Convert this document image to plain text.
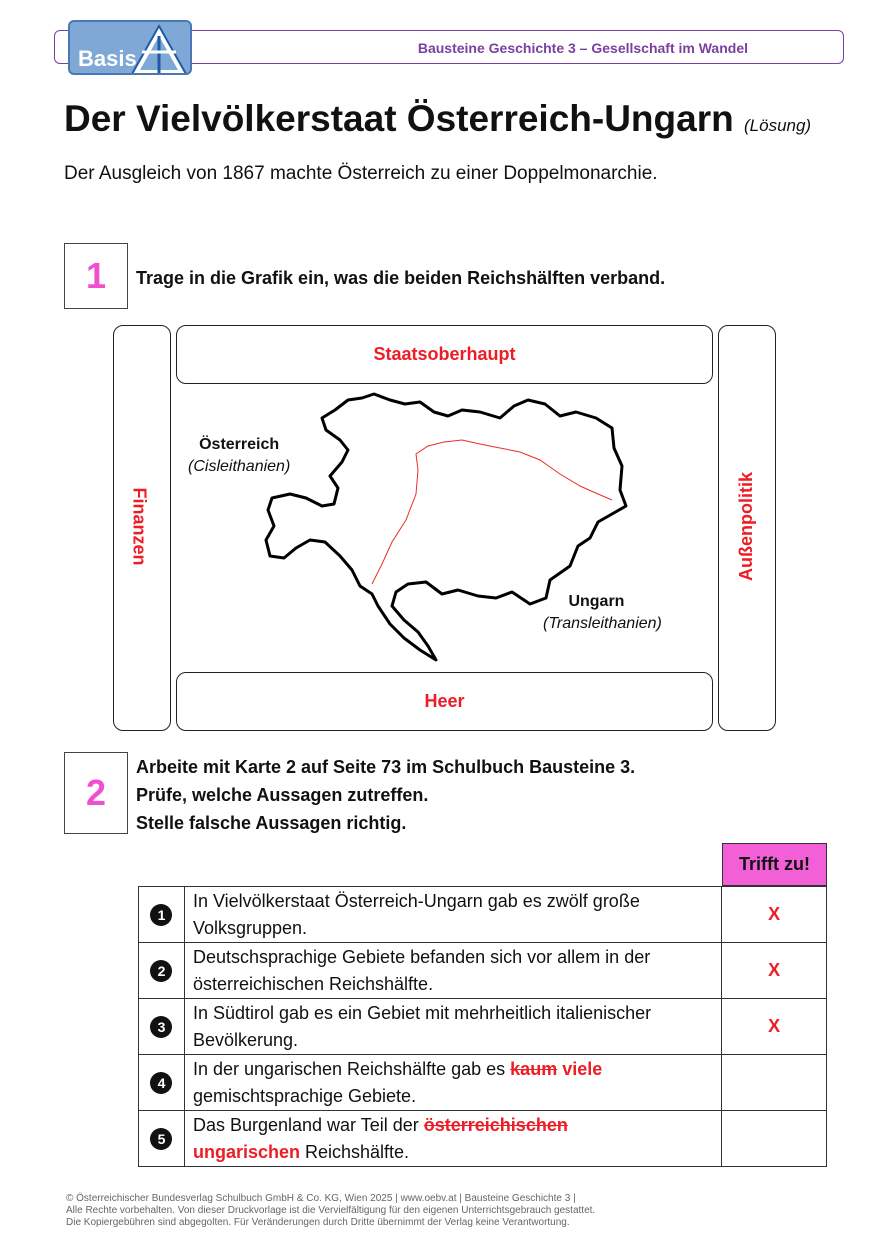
Bausteine Geschichte 3 – Gesellschaft im Wandel
Basis
Der Vielvölkerstaat Österreich-Ungarn (Lösung)
Der Ausgleich von 1867 machte Österreich zu einer Doppelmonarchie.
1	Trage in die Grafik ein, was die beiden Reichshälften verband.
Staatsoberhaupt
Heer
Finanzen	Außenpolitik
Österreich
(Cisleithanien)
Ungarn
(Transleithanien)
2
Arbeite mit Karte 2 auf Seite 73 im Schulbuch Bausteine 3.
Prüfe, welche Aussagen zutreffen.
Stelle falsche Aussagen richtig.
Trifft zu!
1	In Vielvölkerstaat Österreich-Ungarn gab es zwölf große Volksgruppen.	X
2	Deutschsprachige Gebiete befanden sich vor allem in der österreichischen Reichshälfte.	X
3	In Südtirol gab es ein Gebiet mit mehrheitlich italienischer Bevölkerung.	X
4	In der ungarischen Reichshälfte gab es kaum viele gemischtsprachige Gebiete.	
5	Das Burgenland war Teil der österreichischen
ungarischen Reichshälfte.	
© Österreichischer Bundesverlag Schulbuch GmbH & Co. KG, Wien 2025 | www.oebv.at | Bausteine Geschichte 3 |
Alle Rechte vorbehalten. Von dieser Druckvorlage ist die Vervielfältigung für den eigenen Unterrichtsgebrauch gestattet.
Die Kopiergebühren sind abgegolten. Für Veränderungen durch Dritte übernimmt der Verlag keine Verantwortung.
